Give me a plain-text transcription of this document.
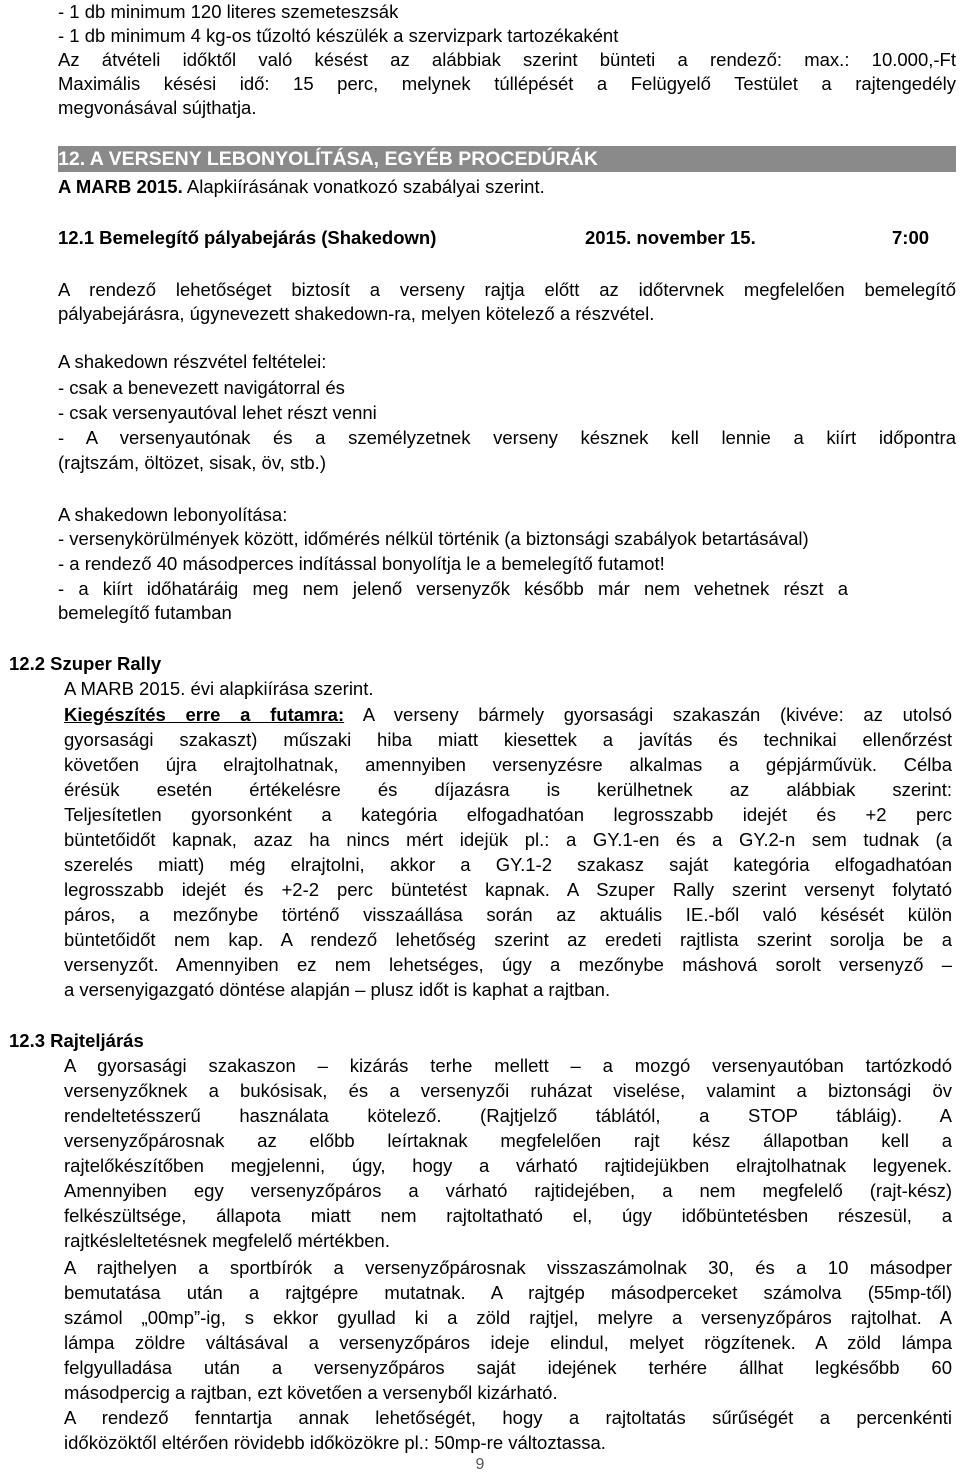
- 1 db minimum 120 literes szemeteszsák
- 1 db minimum 4 kg-os tűzoltó készülék a szervizpark tartozékaként
Az átvételi időktől való késést az alábbiak szerint bünteti a rendező: max.: 10.000,-Ft
Maximális késési idő: 15 perc, melynek túllépését a Felügyelő Testület a rajtengedély
megvonásával sújthatja.
12. A VERSENY LEBONYOLÍTÁSA, EGYÉB PROCEDÚRÁK
A MARB 2015. Alapkiírásának vonatkozó szabályai szerint.
12.1 Bemelegítő pályabejárás (Shakedown)	2015. november 15.	7:00
A rendező lehetőséget biztosít a verseny rajtja előtt az időtervnek megfelelően bemelegítő
pályabejárásra, úgynevezett shakedown-ra, melyen kötelező a részvétel.
A shakedown részvétel feltételei:
- csak a benevezett navigátorral és
- csak versenyautóval lehet részt venni
- A versenyautónak és a személyzetnek verseny késznek kell lennie a kiírt időpontra
(rajtszám, öltözet, sisak, öv, stb.)
A shakedown lebonyolítása:
- versenykörülmények között, időmérés nélkül történik (a biztonsági szabályok betartásával)
- a rendező 40 másodperces indítással bonyolítja le a bemelegítő futamot!
- a kiírt időhatáráig meg nem jelenő versenyzők később már nem vehetnek részt a
bemelegítő futamban
12.2 Szuper Rally
A MARB 2015. évi alapkiírása szerint.
Kiegészítés erre a futamra: A verseny bármely gyorsasági szakaszán (kivéve: az utolsó
gyorsasági szakaszt) műszaki hiba miatt kiesettek a javítás és technikai ellenőrzést
követően újra elrajtolhatnak, amennyiben versenyzésre alkalmas a gépjárművük. Célba
érésük esetén értékelésre és díjazásra is kerülhetnek az alábbiak szerint:
Teljesítetlen gyorsonként a kategória elfogadhatóan legrosszabb idejét és +2 perc
büntetőidőt kapnak, azaz ha nincs mért idejük pl.: a GY.1-en és a GY.2-n sem tudnak (a
szerelés miatt) még elrajtolni, akkor a GY.1-2 szakasz saját kategória elfogadhatóan
legrosszabb idejét és +2-2 perc büntetést kapnak. A Szuper Rally szerint versenyt folytató
páros, a mezőnybe történő visszaállása során az aktuális IE.-ből való késését külön
büntetőidőt nem kap. A rendező lehetőség szerint az eredeti rajtlista szerint sorolja be a
versenyzőt. Amennyiben ez nem lehetséges, úgy a mezőnybe máshová sorolt versenyző –
a versenyigazgató döntése alapján – plusz időt is kaphat a rajtban.
12.3 Rajteljárás
A gyorsasági szakaszon – kizárás terhe mellett – a mozgó versenyautóban tartózkodó
versenyzőknek a bukósisak, és a versenyzői ruházat viselése, valamint a biztonsági öv
rendeltetésszerű használata kötelező. (Rajtjelző táblától, a STOP tábláig). A
versenyzőpárosnak az előbb leírtaknak megfelelően rajt kész állapotban kell a
rajtelőkészítőben megjelenni, úgy, hogy a várható rajtidejükben elrajtolhatnak legyenek.
Amennyiben egy versenyzőpáros a várható rajtidejében, a nem megfelelő (rajt-kész)
felkészültsége, állapota miatt nem rajtoltatható el, úgy időbüntetésben részesül, a
rajtkésleltetésnek megfelelő mértékben.
A rajthelyen a sportbírók a versenyzőpárosnak visszaszámolnak 30, és a 10 másodper
bemutatása után a rajtgépre mutatnak. A rajtgép másodperceket számolva (55mp-től)
számol „00mp”-ig, s ekkor gyullad ki a zöld rajtjel, melyre a versenyzőpáros rajtolhat. A
lámpa zöldre váltásával a versenyzőpáros ideje elindul, melyet rögzítenek. A zöld lámpa
felgyulladása után a versenyzőpáros saját idejének terhére állhat legkésőbb 60
másodpercig a rajtban, ezt követően a versenyből kizárható.
A rendező fenntartja annak lehetőségét, hogy a rajtoltatás sűrűségét a percenkénti
időközöktől eltérően rövidebb időközökre pl.: 50mp-re változtassa.
9
